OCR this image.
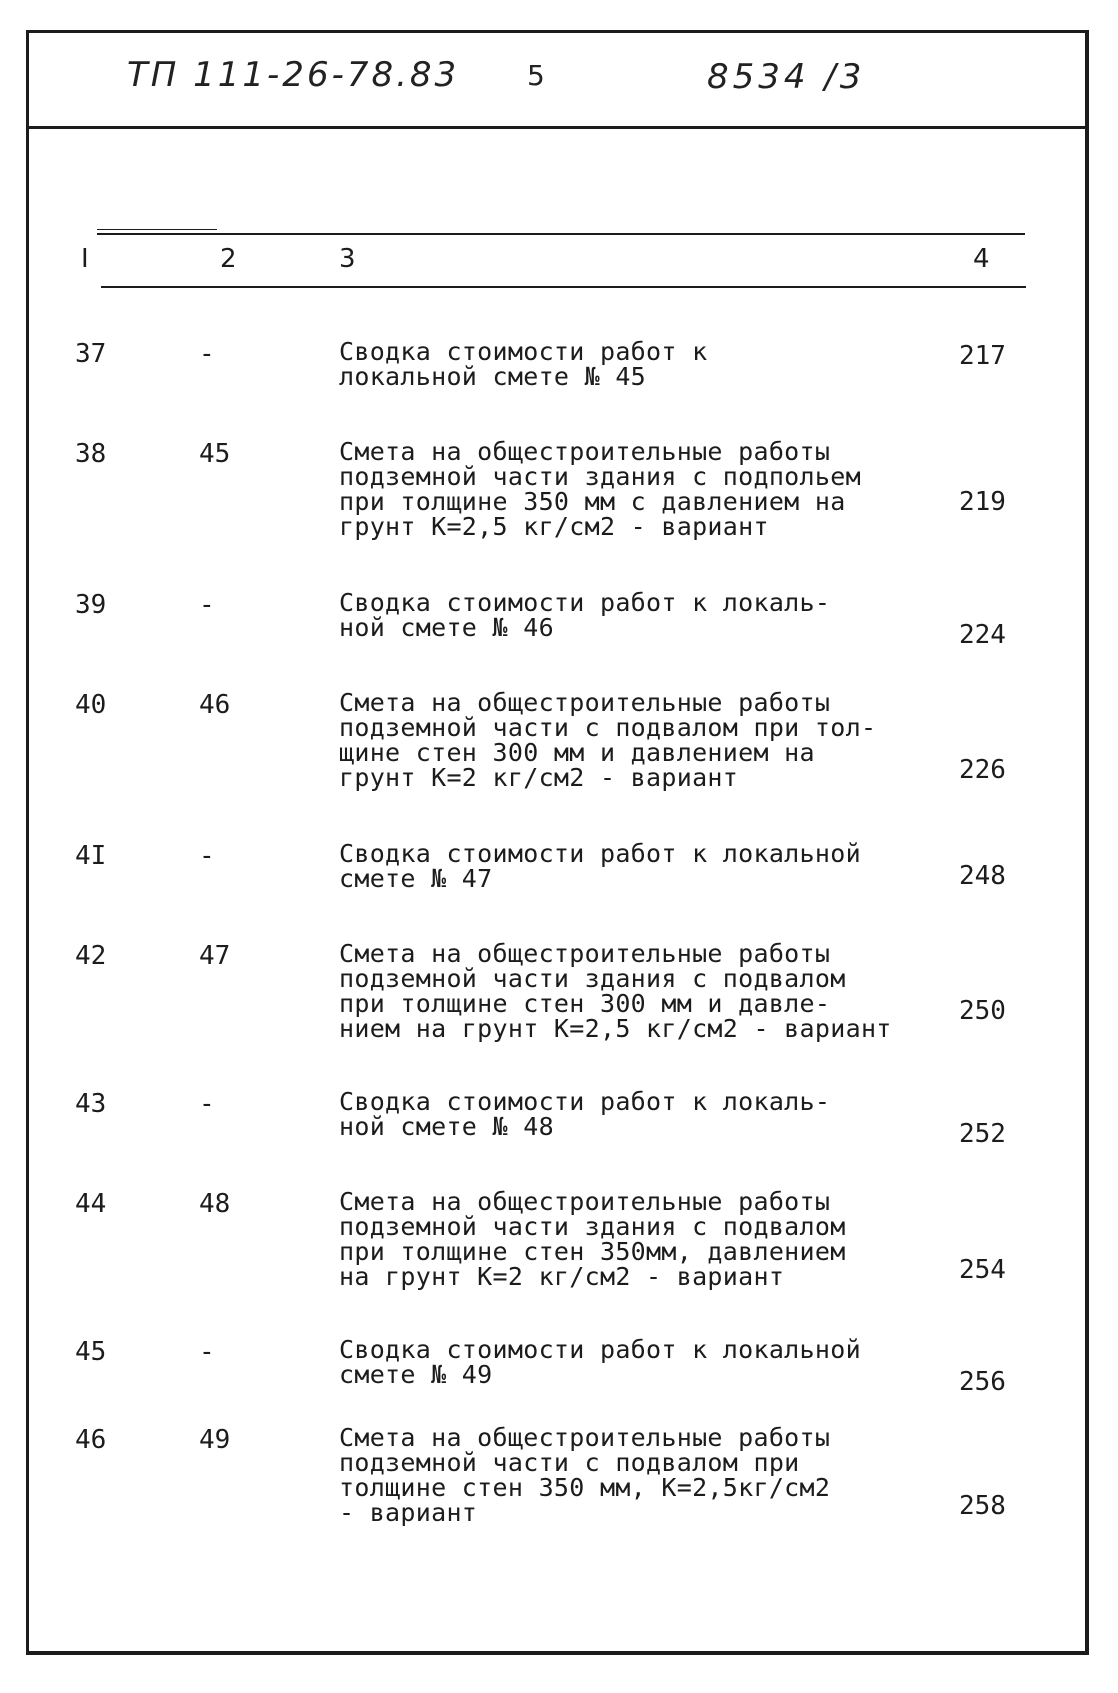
ТП 111-26-78.83 5	8534 /3
I	2	3	4
37	-	Сводка стоимости работ к
локальной смете № 45
217
38	45	Смета на общестроительные работы
подземной части здания с подпольем
при толщине 350 мм с давлением на
грунт К=2,5 кг/см2 - вариант
219
39	-	Сводка стоимости работ к локаль-
ной смете № 46	224
40	46	Смета на общестроительные работы
подземной части с подвалом при тол-
щине стен 300 мм и давлением на
грунт К=2 кг/см2 - вариант	226
4I	-	Сводка стоимости работ к локальной
смете № 47	248
42	47	Смета на общестроительные работы
подземной части здания с подвалом
при толщине стен 300 мм и давле-
нием на грунт К=2,5 кг/см2 - вариант
250
43	-	Сводка стоимости работ к локаль-
ной смете № 48	252
44	48	Смета на общестроительные работы
подземной части здания с подвалом
при толщине стен 350мм, давлением
на грунт К=2 кг/см2 - вариант	254
45	-	Сводка стоимости работ к локальной
смете № 49	256
46	49	Смета на общестроительные работы
подземной части с подвалом при
толщине стен 350 мм, К=2,5кг/см2
- вариант	258
